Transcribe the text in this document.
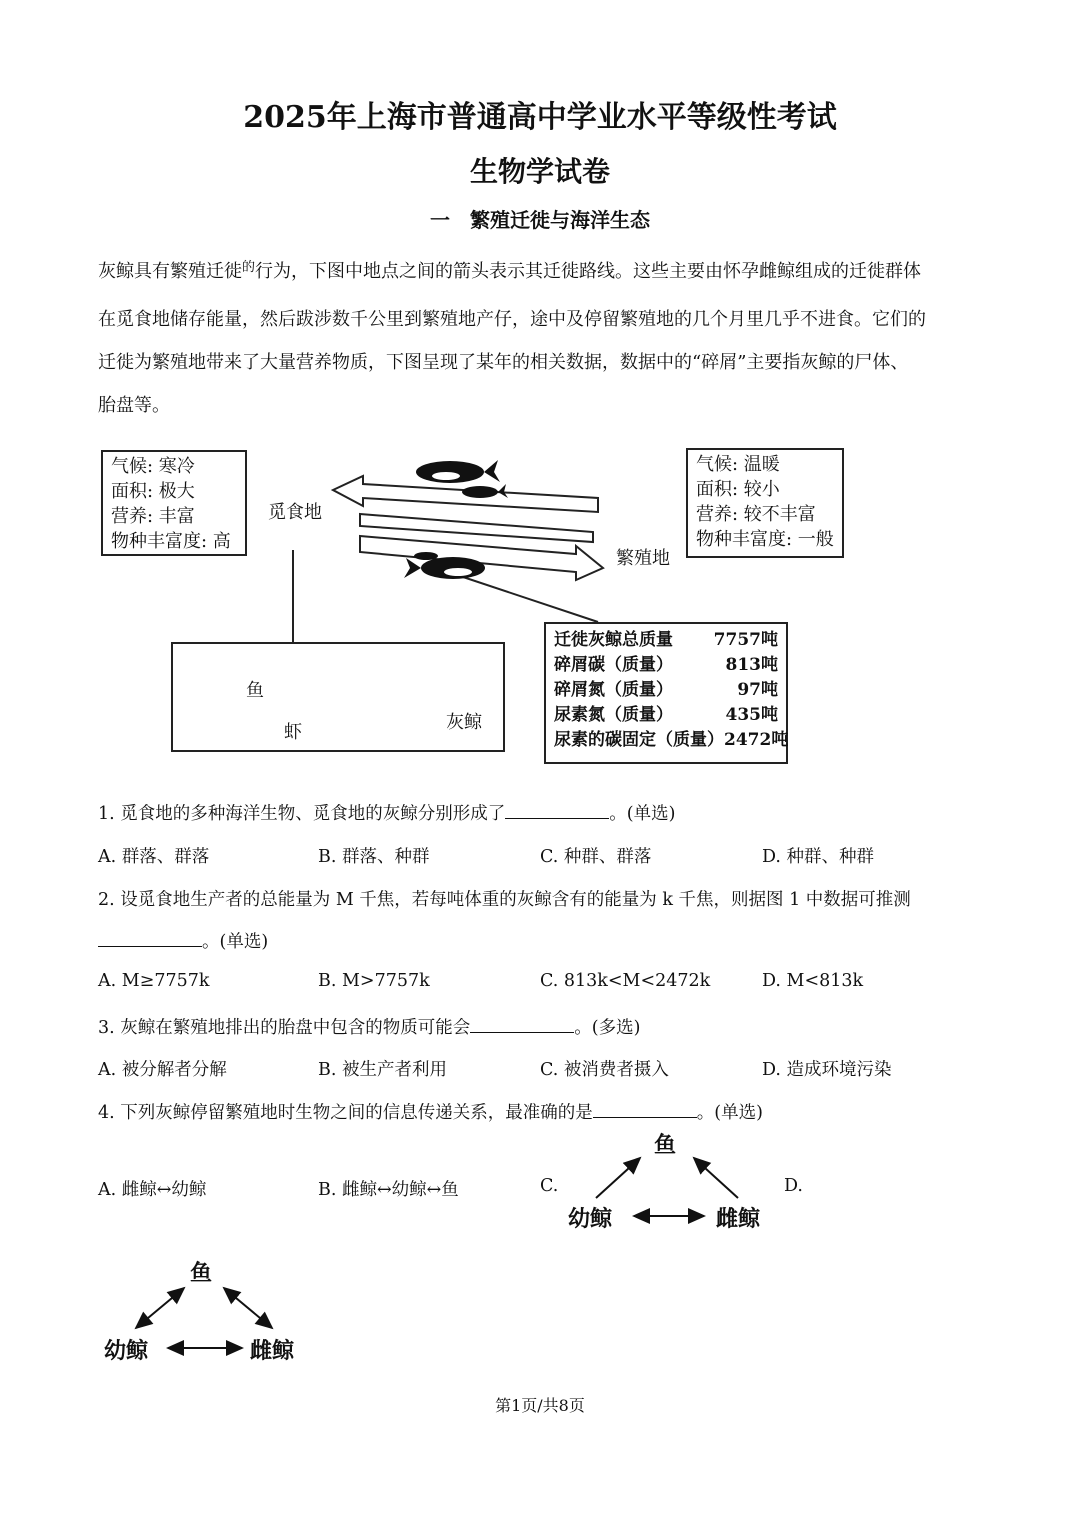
2025年上海市普通高中学业水平等级性考试
生物学试卷
一　繁殖迁徙与海洋生态
灰鲸具有繁殖迁徙$^的$行为，下图中地点之间的箭头表示其迁徙路线。这些主要由怀孕雌鲸组成的迁徙群体
在觅食地储存能量，然后跋涉数千公里到繁殖地产仔，途中及停留繁殖地的几个月里几乎不进食。它们的
迁徙为繁殖地带来了大量营养物质，下图呈现了某年的相关数据，数据中的“碎屑”主要指灰鲸的尸体、
胎盘等。
气候: 寒冷
面积: 极大
营养: 丰富
物种丰富度: 高
觅食地
气候: 温暖
面积: 较小
营养: 较不丰富
物种丰富度: 一般
繁殖地
鱼
虾	灰鲸
迁徙灰鲸总质量 7757吨
碎屑碳（质量）	813吨
碎屑氮（质量）	97吨
尿素氮（质量）	435吨
尿素的碳固定（质量） 2472吨
1. 觅食地的多种海洋生物、觅食地的灰鲸分别形成了	。(单选)
A. 群落、群落	B. 群落、种群	C. 种群、群落	D. 种群、种群
2. 设觅食地生产者的总能量为 M 千焦，若每吨体重的灰鲸含有的能量为 k 千焦，则据图 1 中数据可推测
。(单选)
A. M≥7757k	B. M>7757k	C. 813k<M<2472k	D. M<813k
3. 灰鲸在繁殖地排出的胎盘中包含的物质可能会	。(多选)
A. 被分解者分解	B. 被生产者利用	C. 被消费者摄入	D. 造成环境污染
4. 下列灰鲸停留繁殖地时生物之间的信息传递关系，最准确的是	。(单选)
A. 雌鲸↔幼鲸	B. 雌鲸↔幼鲸↔鱼	C.	D.
鱼
幼鲸	雌鲸
鱼
幼鲸	雌鲸
第1页/共8页
